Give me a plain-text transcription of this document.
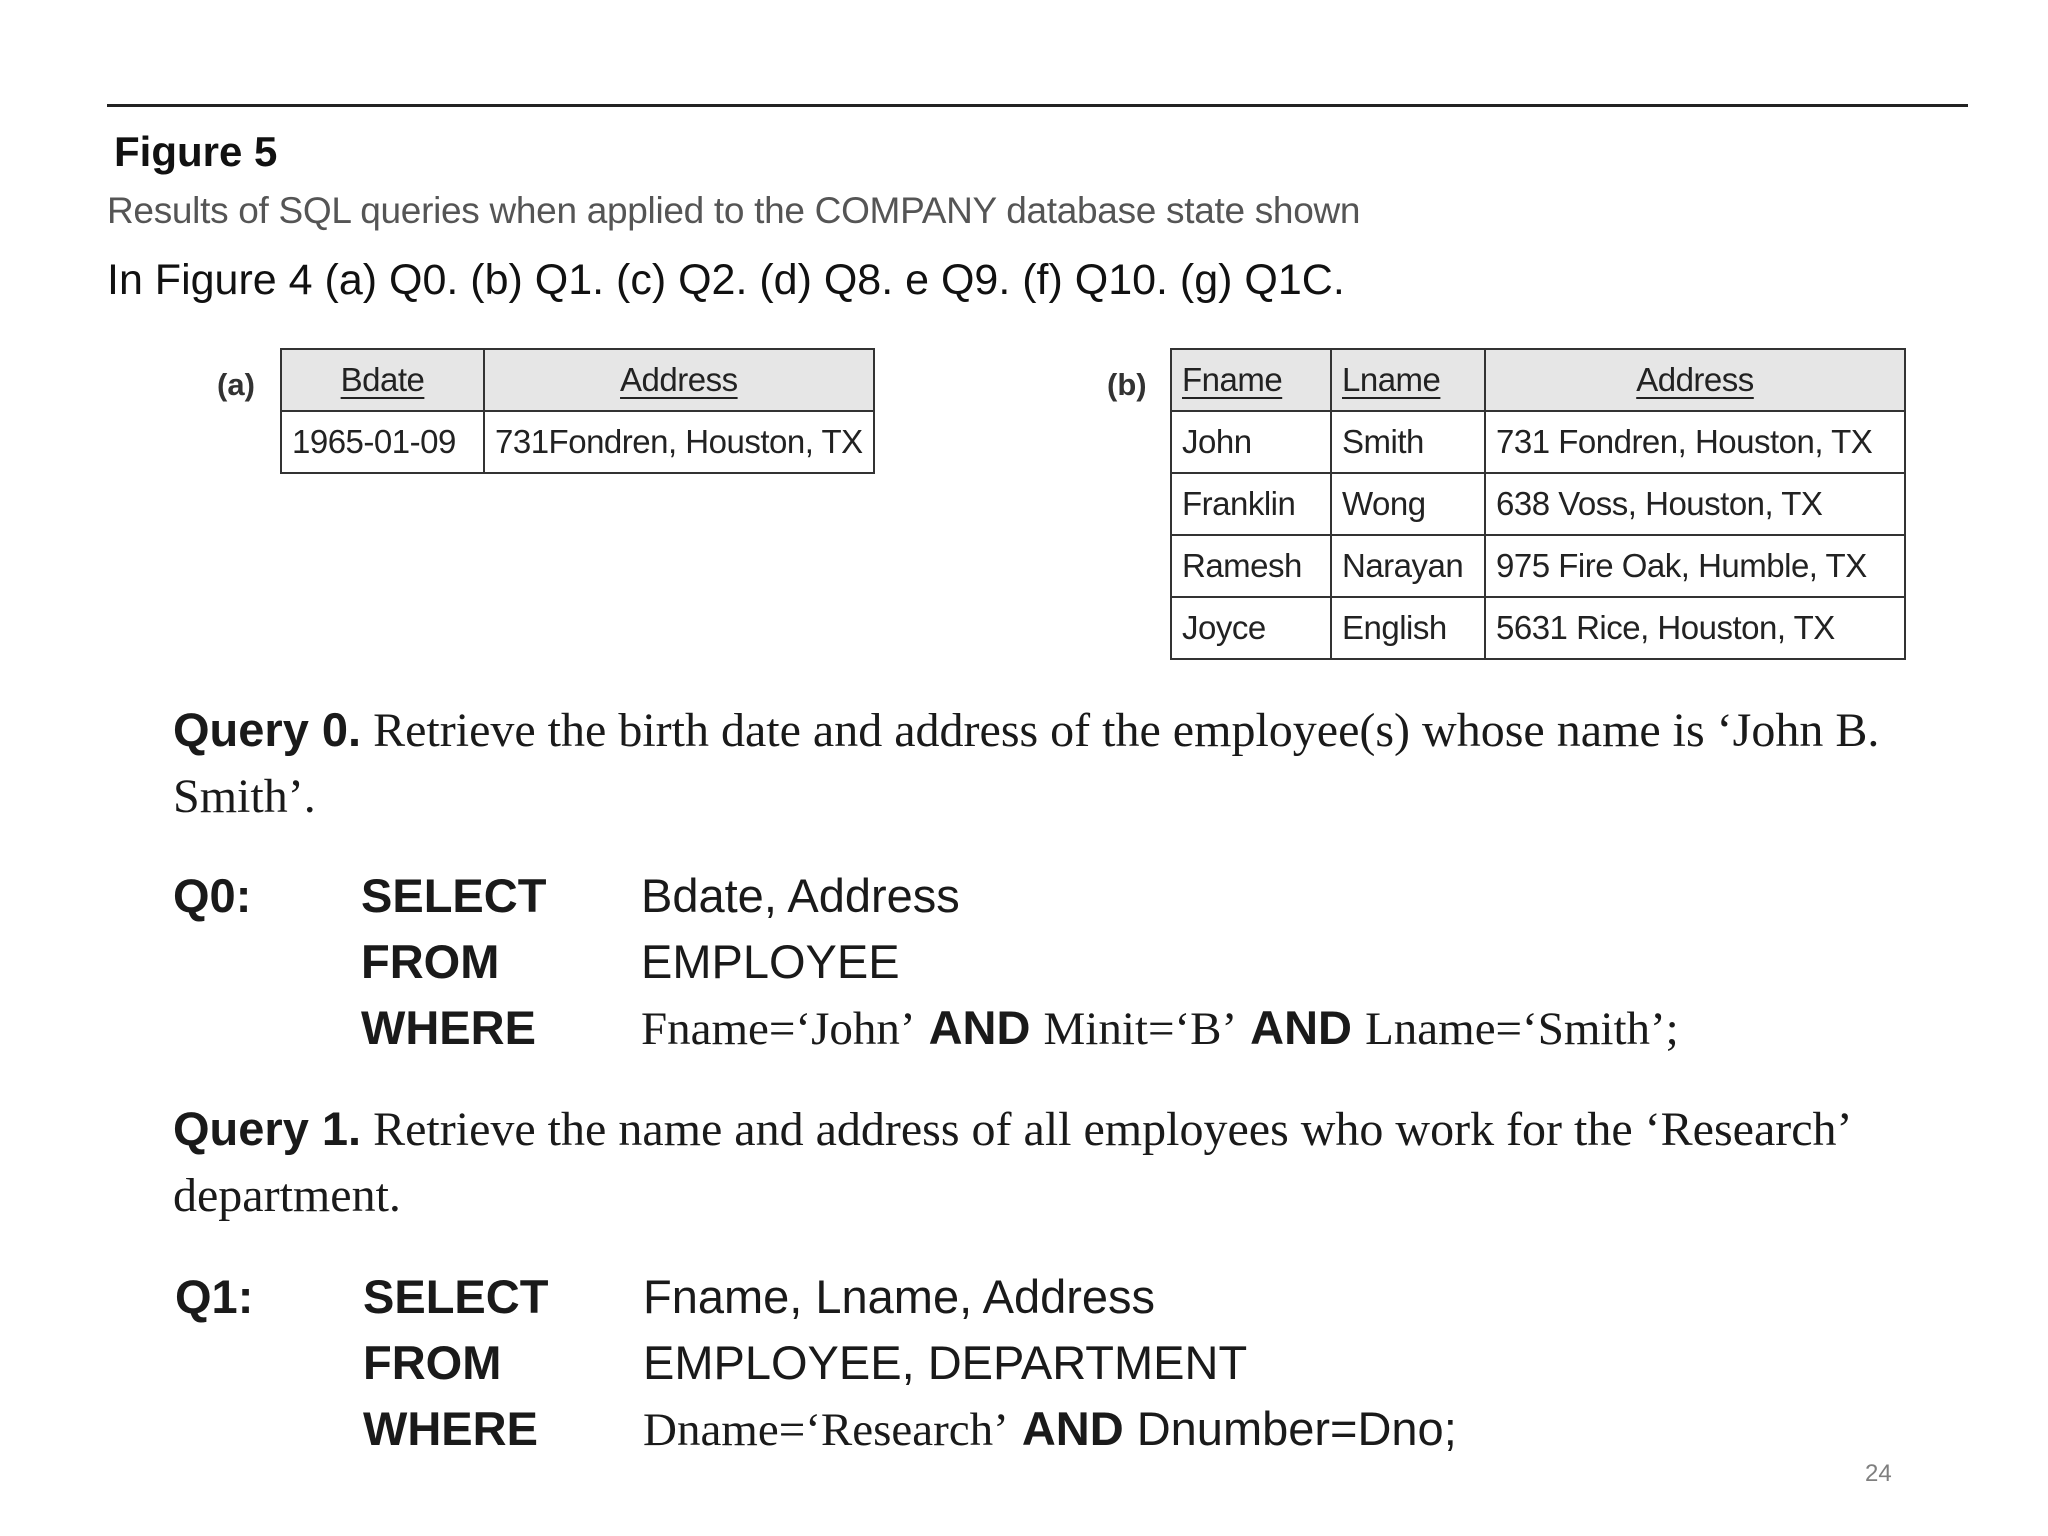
Figure 5
Results of SQL queries when applied to the COMPANY database state shown
In Figure 4 (a) Q0. (b) Q1. (c) Q2. (d) Q8. e Q9. (f) Q10. (g) Q1C.
(a)	Bdate	Address
1965-01-09	731Fondren, Houston, TX
(b) Fname	Lname	Address
John	Smith	731 Fondren, Houston, TX
Franklin	Wong	638 Voss, Houston, TX
Ramesh	Narayan	975 Fire Oak, Humble, TX
Joyce	English	5631 Rice, Houston, TX
Query 0. Retrieve the birth date and address of the employee(s) whose name is ‘John B. Smith’.
Q0: SELECT Bdate, Address
FROM	EMPLOYEE
WHERE Fname=‘John’ AND Minit=‘B’ AND Lname=‘Smith’;
Query 1. Retrieve the name and address of all employees who work for the ‘Research’ department.
Q1: SELECT Fname, Lname, Address
FROM	EMPLOYEE, DEPARTMENT
WHERE Dname=‘Research’ AND Dnumber=Dno;
24
